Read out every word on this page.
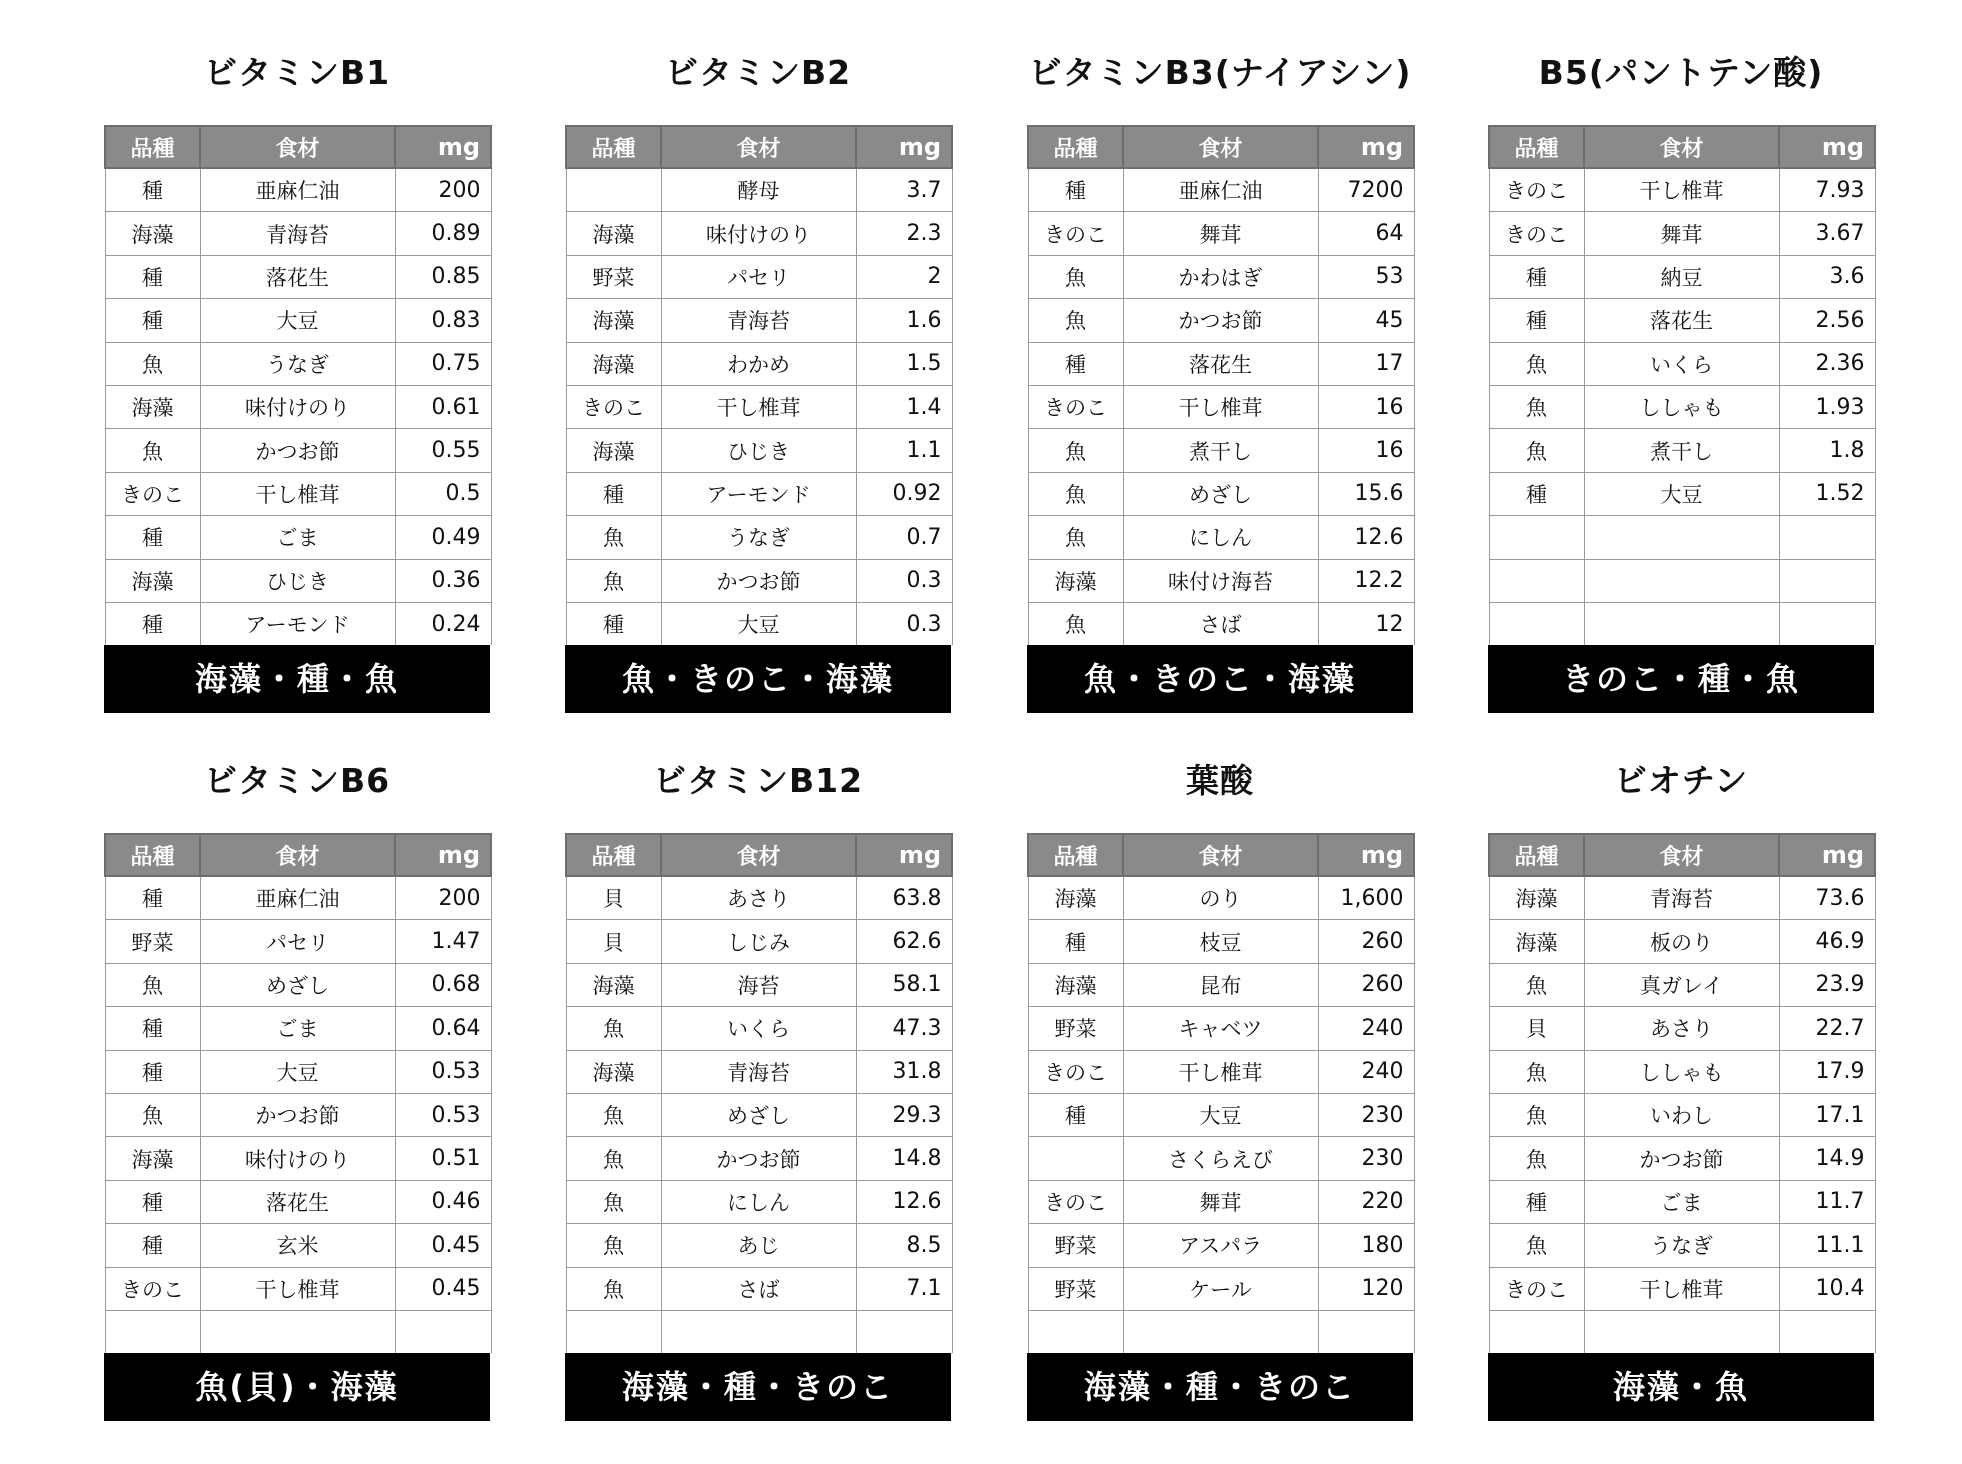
ビタミンB1
品種	食材	mg
種	亜麻仁油	200
海藻	青海苔	0.89
種	落花生	0.85
種	大豆	0.83
魚	うなぎ	0.75
海藻	味付けのり	0.61
魚	かつお節	0.55
きのこ	干し椎茸	0.5
種	ごま	0.49
海藻	ひじき	0.36
種	アーモンド	0.24
海藻・種・魚
ビタミンB2
品種	食材	mg
	酵母	3.7
海藻	味付けのり	2.3
野菜	パセリ	2
海藻	青海苔	1.6
海藻	わかめ	1.5
きのこ	干し椎茸	1.4
海藻	ひじき	1.1
種	アーモンド	0.92
魚	うなぎ	0.7
魚	かつお節	0.3
種	大豆	0.3
魚・きのこ・海藻
ビタミンB3(ナイアシン)
品種	食材	mg
種	亜麻仁油	7200
きのこ	舞茸	64
魚	かわはぎ	53
魚	かつお節	45
種	落花生	17
きのこ	干し椎茸	16
魚	煮干し	16
魚	めざし	15.6
魚	にしん	12.6
海藻	味付け海苔	12.2
魚	さば	12
魚・きのこ・海藻
B5(パントテン酸)
品種	食材	mg
きのこ	干し椎茸	7.93
きのこ	舞茸	3.67
種	納豆	3.6
種	落花生	2.56
魚	いくら	2.36
魚	ししゃも	1.93
魚	煮干し	1.8
種	大豆	1.52

きのこ・種・魚
ビタミンB6
品種	食材	mg
種	亜麻仁油	200
野菜	パセリ	1.47
魚	めざし	0.68
種	ごま	0.64
種	大豆	0.53
魚	かつお節	0.53
海藻	味付けのり	0.51
種	落花生	0.46
種	玄米	0.45
きのこ	干し椎茸	0.45

魚(貝)・海藻
ビタミンB12
品種	食材	mg
貝	あさり	63.8
貝	しじみ	62.6
海藻	海苔	58.1
魚	いくら	47.3
海藻	青海苔	31.8
魚	めざし	29.3
魚	かつお節	14.8
魚	にしん	12.6
魚	あじ	8.5
魚	さば	7.1

海藻・種・きのこ
葉酸
品種	食材	mg
海藻	のり	1,600
種	枝豆	260
海藻	昆布	260
野菜	キャベツ	240
きのこ	干し椎茸	240
種	大豆	230
	さくらえび	230
きのこ	舞茸	220
野菜	アスパラ	180
野菜	ケール	120

海藻・種・きのこ
ビオチン
品種	食材	mg
海藻	青海苔	73.6
海藻	板のり	46.9
魚	真ガレイ	23.9
貝	あさり	22.7
魚	ししゃも	17.9
魚	いわし	17.1
魚	かつお節	14.9
種	ごま	11.7
魚	うなぎ	11.1
きのこ	干し椎茸	10.4

海藻・魚
